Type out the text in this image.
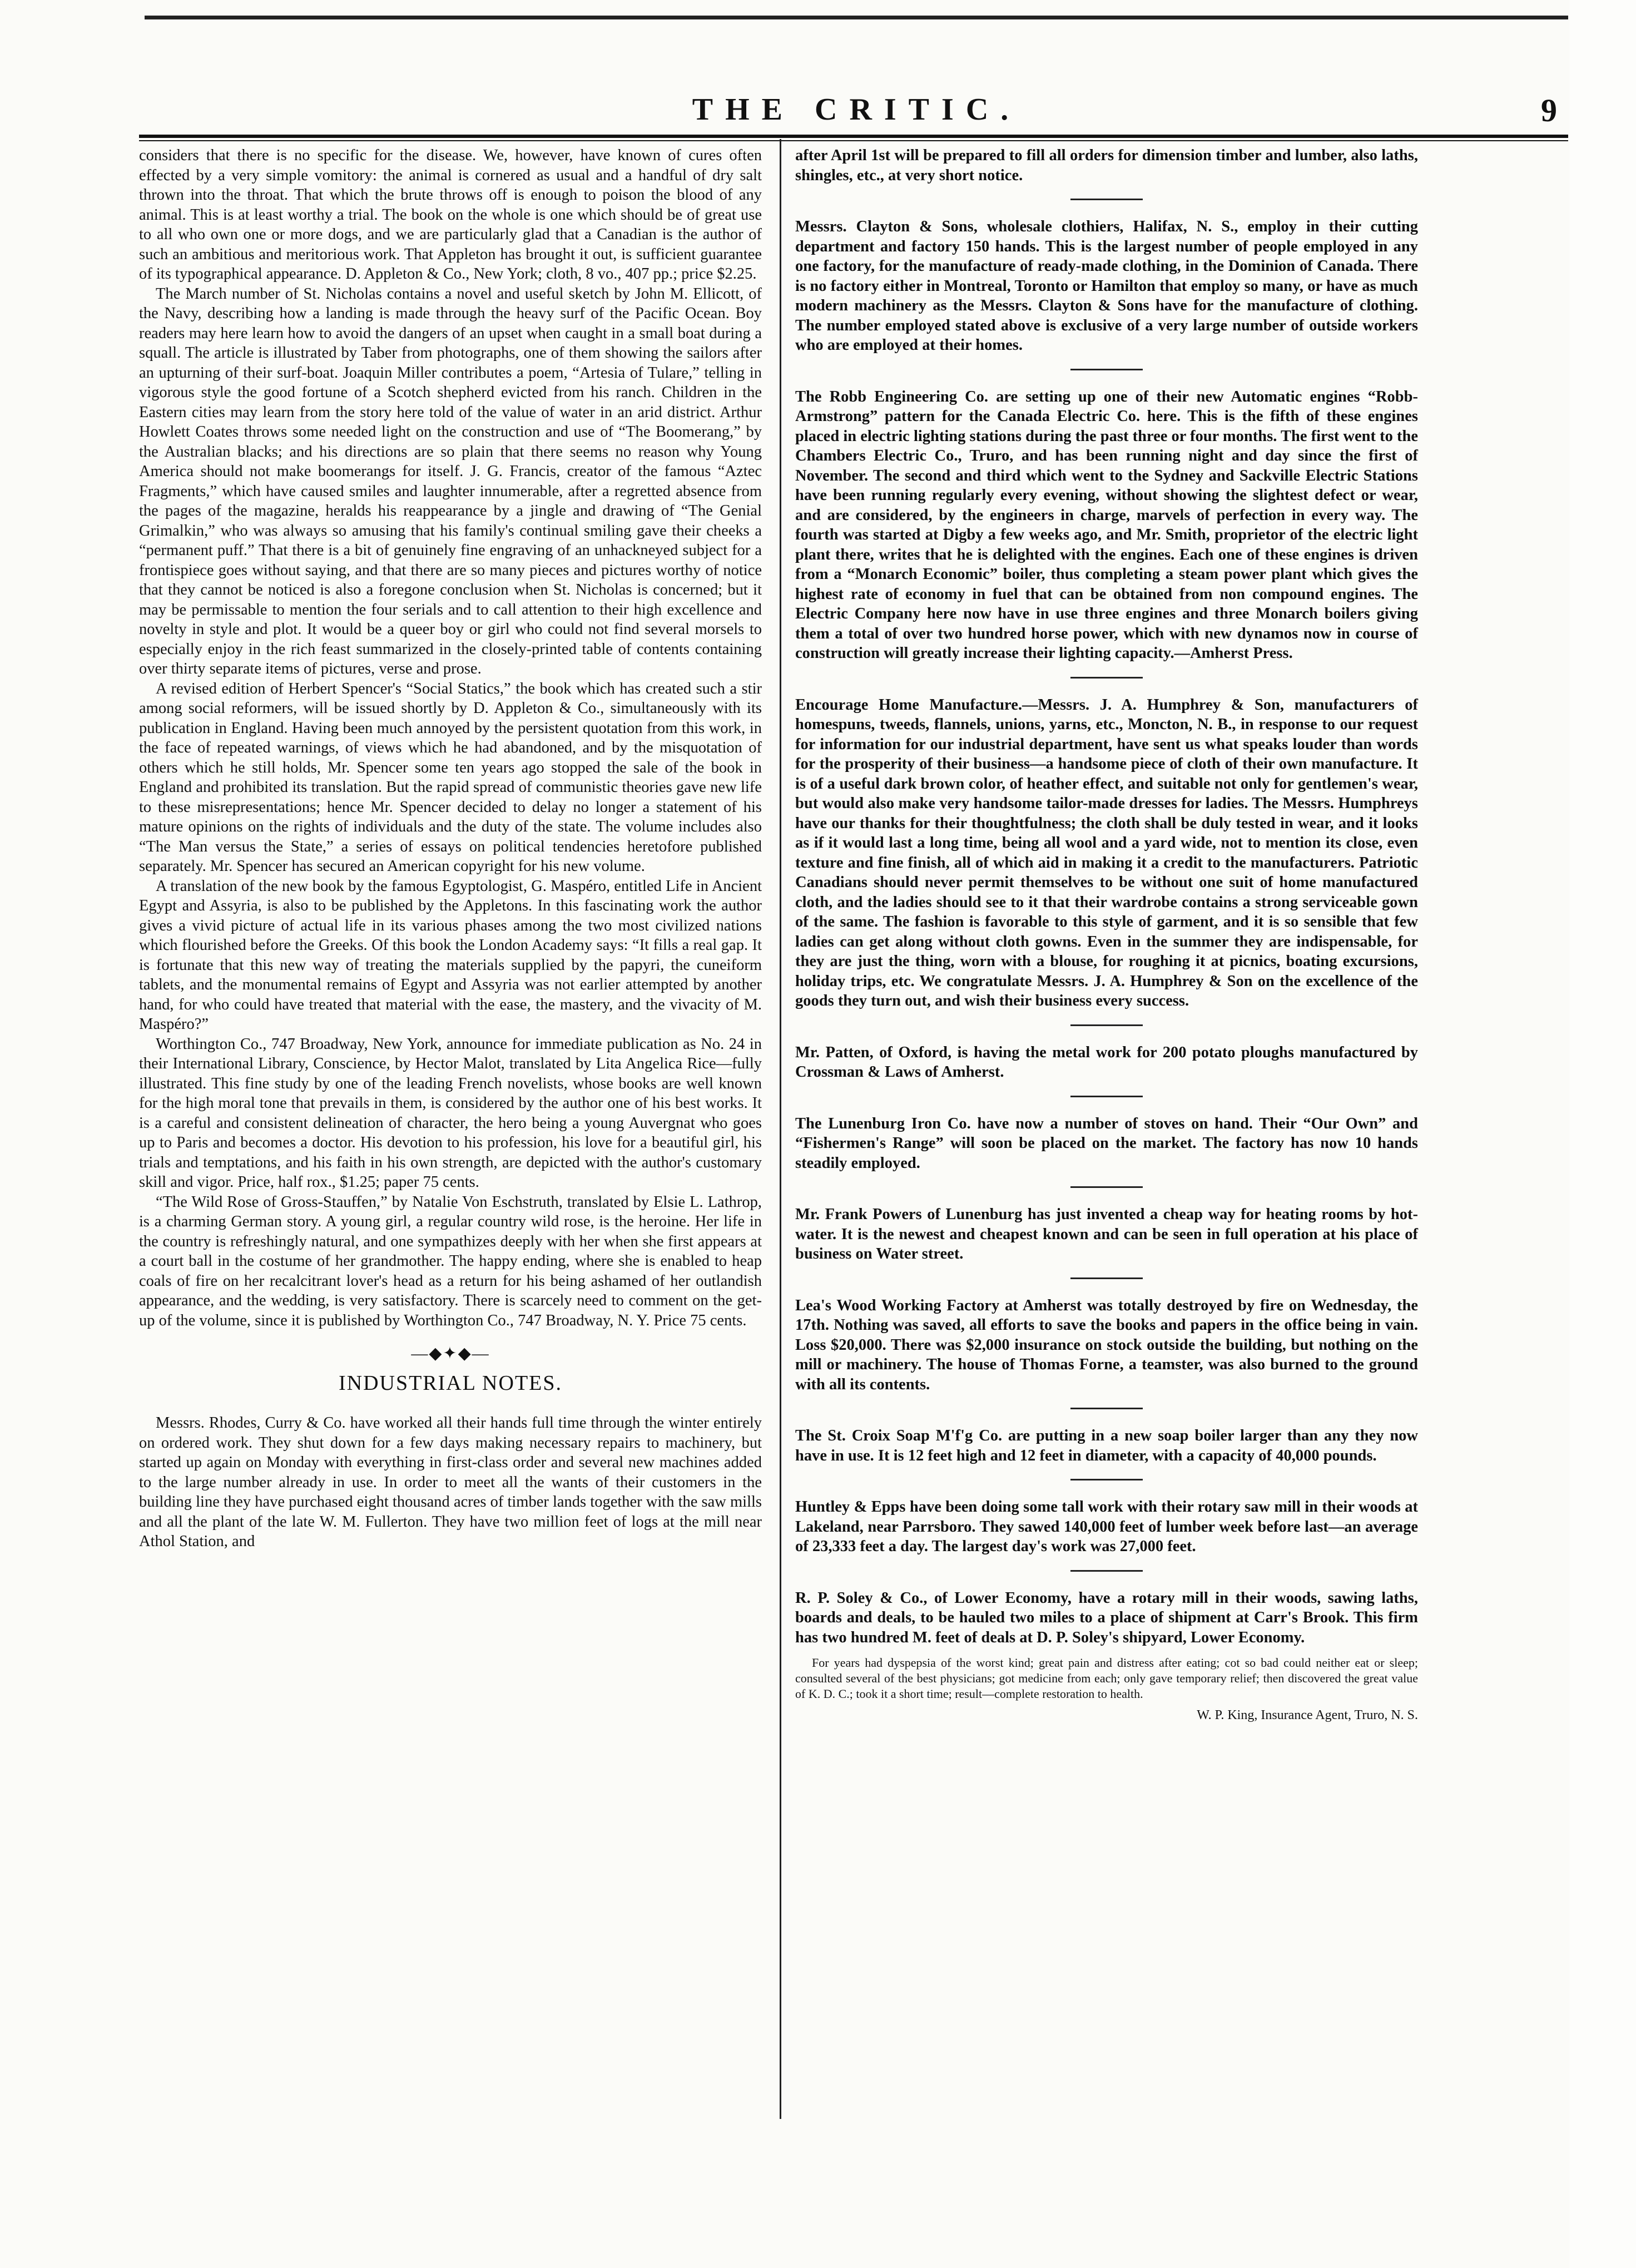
THE CRITIC.	9

considers that there is no specific for the disease. We, however, have known of cures often effected by a very simple vomitory: the animal is cornered as usual and a handful of dry salt thrown into the throat. That which the brute throws off is enough to poison the blood of any animal. This is at least worthy a trial. The book on the whole is one which should be of great use to all who own one or more dogs, and we are particularly glad that a Canadian is the author of such an ambitious and meritorious work. That Appleton has brought it out, is sufficient guarantee of its typographical appearance. D. Appleton & Co., New York; cloth, 8 vo., 407 pp.; price $2.25.

The March number of St. Nicholas contains a novel and useful sketch by John M. Ellicott, of the Navy, describing how a landing is made through the heavy surf of the Pacific Ocean. Boy readers may here learn how to avoid the dangers of an upset when caught in a small boat during a squall. The article is illustrated by Taber from photographs, one of them showing the sailors after an upturning of their surf-boat. Joaquin Miller contributes a poem, “Artesia of Tulare,” telling in vigorous style the good fortune of a Scotch shepherd evicted from his ranch. Children in the Eastern cities may learn from the story here told of the value of water in an arid district. Arthur Howlett Coates throws some needed light on the construction and use of “The Boomerang,” by the Australian blacks; and his directions are so plain that there seems no reason why Young America should not make boomerangs for itself. J. G. Francis, creator of the famous “Aztec Fragments,” which have caused smiles and laughter innumerable, after a regretted absence from the pages of the magazine, heralds his reappearance by a jingle and drawing of “The Genial Grimalkin,” who was always so amusing that his family's continual smiling gave their cheeks a “permanent puff.” That there is a bit of genuinely fine engraving of an unhackneyed subject for a frontispiece goes without saying, and that there are so many pieces and pictures worthy of notice that they cannot be noticed is also a foregone conclusion when St. Nicholas is concerned; but it may be permissable to mention the four serials and to call attention to their high excellence and novelty in style and plot. It would be a queer boy or girl who could not find several morsels to especially enjoy in the rich feast summarized in the closely-printed table of contents containing over thirty separate items of pictures, verse and prose.

A revised edition of Herbert Spencer's “Social Statics,” the book which has created such a stir among social reformers, will be issued shortly by D. Appleton & Co., simultaneously with its publication in England. Having been much annoyed by the persistent quotation from this work, in the face of repeated warnings, of views which he had abandoned, and by the misquotation of others which he still holds, Mr. Spencer some ten years ago stopped the sale of the book in England and prohibited its translation. But the rapid spread of communistic theories gave new life to these misrepresentations; hence Mr. Spencer decided to delay no longer a statement of his mature opinions on the rights of individuals and the duty of the state. The volume includes also “The Man versus the State,” a series of essays on political tendencies heretofore published separately. Mr. Spencer has secured an American copyright for his new volume.

A translation of the new book by the famous Egyptologist, G. Maspéro, entitled Life in Ancient Egypt and Assyria, is also to be published by the Appletons. In this fascinating work the author gives a vivid picture of actual life in its various phases among the two most civilized nations which flourished before the Greeks. Of this book the London Academy says: “It fills a real gap. It is fortunate that this new way of treating the materials supplied by the papyri, the cuneiform tablets, and the monumental remains of Egypt and Assyria was not earlier attempted by another hand, for who could have treated that material with the ease, the mastery, and the vivacity of M. Maspéro?”

Worthington Co., 747 Broadway, New York, announce for immediate publication as No. 24 in their International Library, Conscience, by Hector Malot, translated by Lita Angelica Rice—fully illustrated. This fine study by one of the leading French novelists, whose books are well known for the high moral tone that prevails in them, is considered by the author one of his best works. It is a careful and consistent delineation of character, the hero being a young Auvergnat who goes up to Paris and becomes a doctor. His devotion to his profession, his love for a beautiful girl, his trials and temptations, and his faith in his own strength, are depicted with the author's customary skill and vigor. Price, half rox., $1.25; paper 75 cents.

“The Wild Rose of Gross-Stauffen,” by Natalie Von Eschstruth, translated by Elsie L. Lathrop, is a charming German story. A young girl, a regular country wild rose, is the heroine. Her life in the country is refreshingly natural, and one sympathizes deeply with her when she first appears at a court ball in the costume of her grandmother. The happy ending, where she is enabled to heap coals of fire on her recalcitrant lover's head as a return for his being ashamed of her outlandish appearance, and the wedding, is very satisfactory. There is scarcely need to comment on the get-up of the volume, since it is published by Worthington Co., 747 Broadway, N. Y. Price 75 cents.

—◆✦◆—
INDUSTRIAL NOTES.

Messrs. Rhodes, Curry & Co. have worked all their hands full time through the winter entirely on ordered work. They shut down for a few days making necessary repairs to machinery, but started up again on Monday with everything in first-class order and several new machines added to the large number already in use. In order to meet all the wants of their customers in the building line they have purchased eight thousand acres of timber lands together with the saw mills and all the plant of the late W. M. Fullerton. They have two million feet of logs at the mill near Athol Station, and

after April 1st will be prepared to fill all orders for dimension timber and lumber, also laths, shingles, etc., at very short notice.

Messrs. Clayton & Sons, wholesale clothiers, Halifax, N. S., employ in their cutting department and factory 150 hands. This is the largest number of people employed in any one factory, for the manufacture of ready-made clothing, in the Dominion of Canada. There is no factory either in Montreal, Toronto or Hamilton that employ so many, or have as much modern machinery as the Messrs. Clayton & Sons have for the manufacture of clothing. The number employed stated above is exclusive of a very large number of outside workers who are employed at their homes.

The Robb Engineering Co. are setting up one of their new Automatic engines “Robb-Armstrong” pattern for the Canada Electric Co. here. This is the fifth of these engines placed in electric lighting stations during the past three or four months. The first went to the Chambers Electric Co., Truro, and has been running night and day since the first of November. The second and third which went to the Sydney and Sackville Electric Stations have been running regularly every evening, without showing the slightest defect or wear, and are considered, by the engineers in charge, marvels of perfection in every way. The fourth was started at Digby a few weeks ago, and Mr. Smith, proprietor of the electric light plant there, writes that he is delighted with the engines. Each one of these engines is driven from a “Monarch Economic” boiler, thus completing a steam power plant which gives the highest rate of economy in fuel that can be obtained from non compound engines. The Electric Company here now have in use three engines and three Monarch boilers giving them a total of over two hundred horse power, which with new dynamos now in course of construction will greatly increase their lighting capacity.—Amherst Press.

Encourage Home Manufacture.—Messrs. J. A. Humphrey & Son, manufacturers of homespuns, tweeds, flannels, unions, yarns, etc., Moncton, N. B., in response to our request for information for our industrial department, have sent us what speaks louder than words for the prosperity of their business—a handsome piece of cloth of their own manufacture. It is of a useful dark brown color, of heather effect, and suitable not only for gentlemen's wear, but would also make very handsome tailor-made dresses for ladies. The Messrs. Humphreys have our thanks for their thoughtfulness; the cloth shall be duly tested in wear, and it looks as if it would last a long time, being all wool and a yard wide, not to mention its close, even texture and fine finish, all of which aid in making it a credit to the manufacturers. Patriotic Canadians should never permit themselves to be without one suit of home manufactured cloth, and the ladies should see to it that their wardrobe contains a strong serviceable gown of the same. The fashion is favorable to this style of garment, and it is so sensible that few ladies can get along without cloth gowns. Even in the summer they are indispensable, for they are just the thing, worn with a blouse, for roughing it at picnics, boating excursions, holiday trips, etc. We congratulate Messrs. J. A. Humphrey & Son on the excellence of the goods they turn out, and wish their business every success.

Mr. Patten, of Oxford, is having the metal work for 200 potato ploughs manufactured by Crossman & Laws of Amherst.

The Lunenburg Iron Co. have now a number of stoves on hand. Their “Our Own” and “Fishermen's Range” will soon be placed on the market. The factory has now 10 hands steadily employed.

Mr. Frank Powers of Lunenburg has just invented a cheap way for heating rooms by hot-water. It is the newest and cheapest known and can be seen in full operation at his place of business on Water street.

Lea's Wood Working Factory at Amherst was totally destroyed by fire on Wednesday, the 17th. Nothing was saved, all efforts to save the books and papers in the office being in vain. Loss $20,000. There was $2,000 insurance on stock outside the building, but nothing on the mill or machinery. The house of Thomas Forne, a teamster, was also burned to the ground with all its contents.

The St. Croix Soap M'f'g Co. are putting in a new soap boiler larger than any they now have in use. It is 12 feet high and 12 feet in diameter, with a capacity of 40,000 pounds.

Huntley & Epps have been doing some tall work with their rotary saw mill in their woods at Lakeland, near Parrsboro. They sawed 140,000 feet of lumber week before last—an average of 23,333 feet a day. The largest day's work was 27,000 feet.

R. P. Soley & Co., of Lower Economy, have a rotary mill in their woods, sawing laths, boards and deals, to be hauled two miles to a place of shipment at Carr's Brook. This firm has two hundred M. feet of deals at D. P. Soley's shipyard, Lower Economy.

For years had dyspepsia of the worst kind; great pain and distress after eating; cot so bad could neither eat or sleep; consulted several of the best physicians; got medicine from each; only gave temporary relief; then discovered the great value of K. D. C.; took it a short time; result—complete restoration to health.

W. P. King, Insurance Agent, Truro, N. S.
